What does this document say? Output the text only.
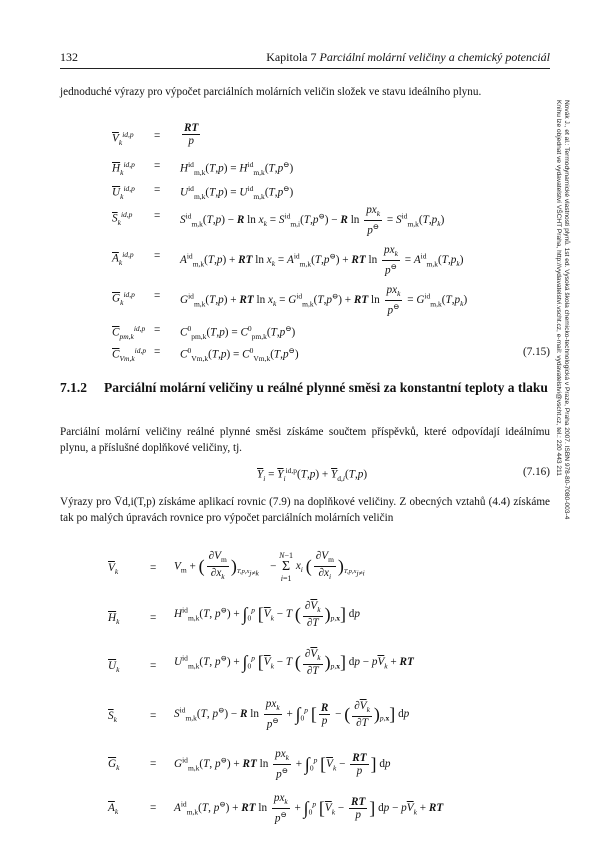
132	Kapitola 7 Parciální molární veličiny a chemický potenciál
Novák J., et al.: Termodynamické vlastnosti plynů. 1st ed. Vysoká škola chemicko-technologická v Praze, Praha 2007. ISBN 978-80-7080-003-4
Knihu lze objednat ve vydavatelství VŠCHT Praha, http://vydavatelstvi.vscht.cz, e-mail: vydavatelstvi@vscht.cz, tel.: 220 443 211
jednoduché výrazy pro výpočet parciálních molárních veličin složek ve stavu ideálního plynu.
$\overline{V}_k^{id,p} = \frac{RT}{p}$
$\overline{H}_k^{id,p} = H^{id}_{m,k}(T,p) = H^{id}_{m,k}(T,p^⊖)$
$\overline{U}_k^{id,p} = U^{id}_{m,k}(T,p) = U^{id}_{m,k}(T,p^⊖)$
$\overline{S}_k^{id,p} = S^{id}_{m,k}(T,p) - R$ $\ln x_k = S^{id}_{m,i}(T,p^⊖) - R$ $\ln \frac{px_k}{p^⊖} = S^{id}_{m,k}(T,p_k)$
$\overline{A}_k^{id,p} = A^{id}_{m,k}(T,p)$ + RT $\ln x_k = A^{id}_{m,k}(T,p^⊖)$ + RT $\ln \frac{px_k}{p^⊖} = A^{id}_{m,k}(T,p_k)$
$\overline{G}_k^{id,p} = G^{id}_{m,k}(T,p)$ + RT $\ln x_k = G^{id}_{m,k}(T,p^⊖)$ + RT $\ln \frac{px_k}{p^⊖} = G^{id}_{m,k}(T,p_k)$
$\overline{C}_{pm,k}^{id,p} = C^0_{pm,k}(T,p) = C^0_{pm,k}(T,p^⊖)$
$\overline{C}_{Vm,k}^{id,p} = C^0_{Vm,k}(T,p) = C^0_{Vm,k}(T,p^⊖)$	(7.15)
7.1.2 Parciální molární veličiny u reálné plynné směsi za konstantní teploty a tlaku
Parciální molární veličiny reálné plynné směsi získáme součtem příspěvků, které odpovídají ideálnímu plynu, a příslušné doplňkové veličiny, tj.
$\overline{Y}_i = \overline{Y}_i^{id,p}(T,p) + \overline{Y}_{d,i}(T,p)$	(7.16)
Výrazy pro V̄d,i(T,p) získáme aplikací rovnic (7.9) na doplňkové veličiny. Z obecných vztahů (4.4) získáme tak po malých úpravách rovnice pro výpočet parciálních molárních veličin
$\overline{V}_k$	= $V_m$ + ( $\frac{\partial V_m}{\partial x_k} )_{T,p,x_{j\ne k}}$    −
N−1
Σ
i=1
$x_i$ ( $\frac{\partial V_m}{\partial x_i} )_{T,p,x_{j\ne i}}$
$\overline{H}_k$	= $H^{id}_{m,k}(T$, $p^⊖) + \int_0^p$ [$\overline{V}_k - T$ ( $\frac{\partial\overline{V}_k}{\partial T} )_{p,x}$] dp
$\overline{U}_k$	= $U^{id}_{m,k}(T$, $p^⊖) + \int_0^p$ [$\overline{V}_k - T$ ( $\frac{\partial\overline{V}_k}{\partial T} )_{p,x}$] dp − $p\overline{V}_k$ + RT
$\overline{S}_k$	= $S^{id}_{m,k}(T$, p⊖) − R $\ln \frac{px_k}{p^⊖} + \int_0^p$ [ $\frac{R}{p}$ − ( $\frac{\partial\overline{V}_k}{\partial T} )_{p,x}$] dp
$\overline{G}_k$	= $G^{id}_{m,k}(T$, p⊖) + RT $\ln \frac{px_k}{p^⊖} + \int_0^p$ [$\overline{V}_k - \frac{RT}{p}$ ] dp
$\overline{A}_k$	= $A^{id}_{m,k}(T$, p⊖) + RT $\ln \frac{px_k}{p^⊖} + \int_0^p$ [$\overline{V}_k - \frac{RT}{p}$ ] dp − $p\overline{V}_k$ + RT
